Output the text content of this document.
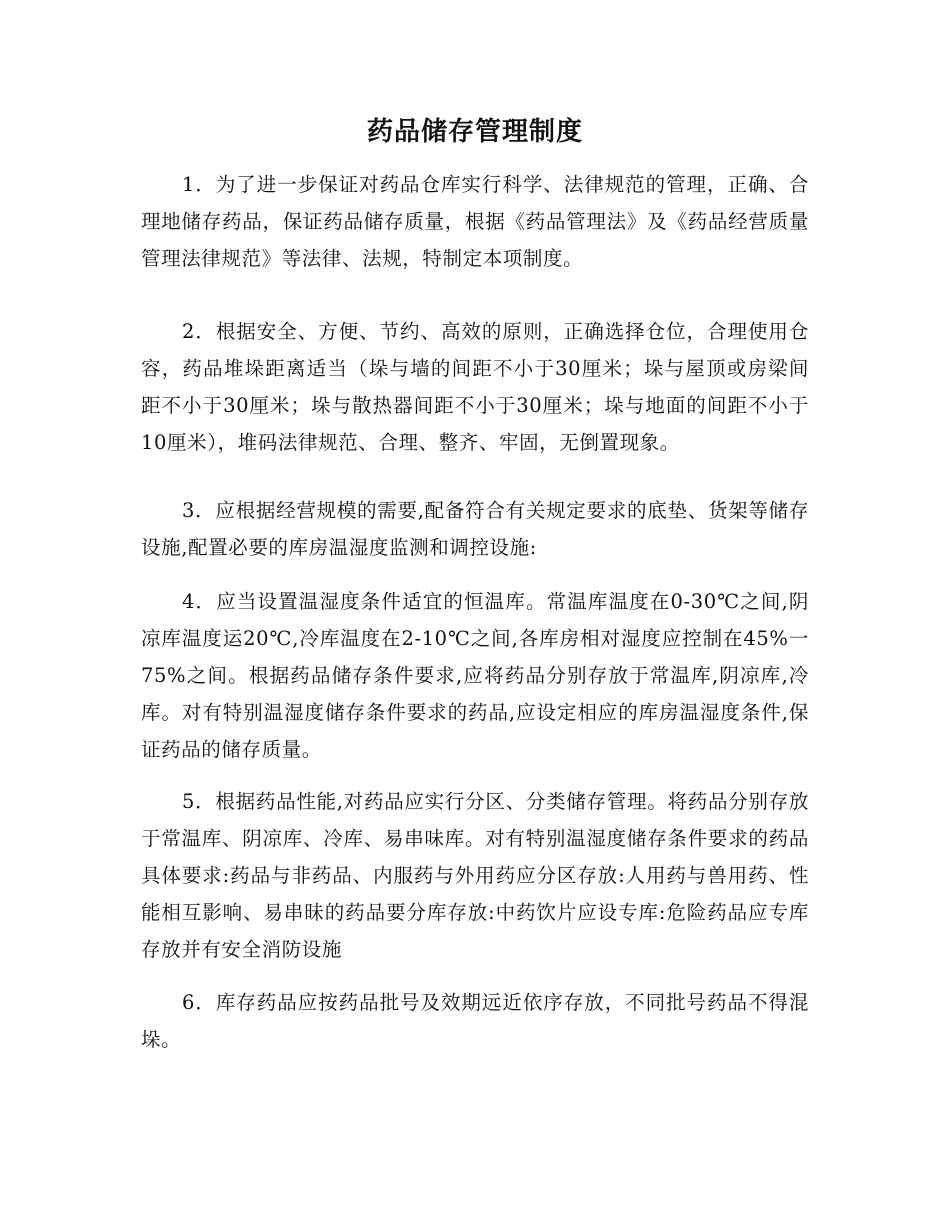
药品储存管理制度

1．为了进一步保证对药品仓库实行科学、法律规范的管理，正确、合理地储存药品，保证药品储存质量，根据《药品管理法》及《药品经营质量管理法律规范》等法律、法规，特制定本项制度。

2．根据安全、方便、节约、高效的原则，正确选择仓位，合理使用仓容，药品堆垛距离适当（垛与墙的间距不小于30厘米；垛与屋顶或房梁间距不小于30厘米；垛与散热器间距不小于30厘米；垛与地面的间距不小于10厘米），堆码法律规范、合理、整齐、牢固，无倒置现象。

3．应根据经营规模的需要,配备符合有关规定要求的底垫、货架等储存设施,配置必要的库房温湿度监测和调控设施:

4．应当设置温湿度条件适宜的恒温库。常温库温度在0-30℃之间,阴凉库温度运20℃,冷库温度在2-10℃之间,各库房相对湿度应控制在45%一75%之间。根据药品储存条件要求,应将药品分别存放于常温库,阴凉库,冷库。对有特别温湿度储存条件要求的药品,应设定相应的库房温湿度条件,保证药品的储存质量。

5．根据药品性能,对药品应实行分区、分类储存管理。将药品分别存放于常温库、阴凉库、冷库、易串味库。对有特别温湿度储存条件要求的药品具体要求:药品与非药品、内服药与外用药应分区存放:人用药与兽用药、性能相互影响、易串昧的药品要分库存放:中药饮片应设专库:危险药品应专库存放并有安全消防设施

6．库存药品应按药品批号及效期远近依序存放，不同批号药品不得混垛。
